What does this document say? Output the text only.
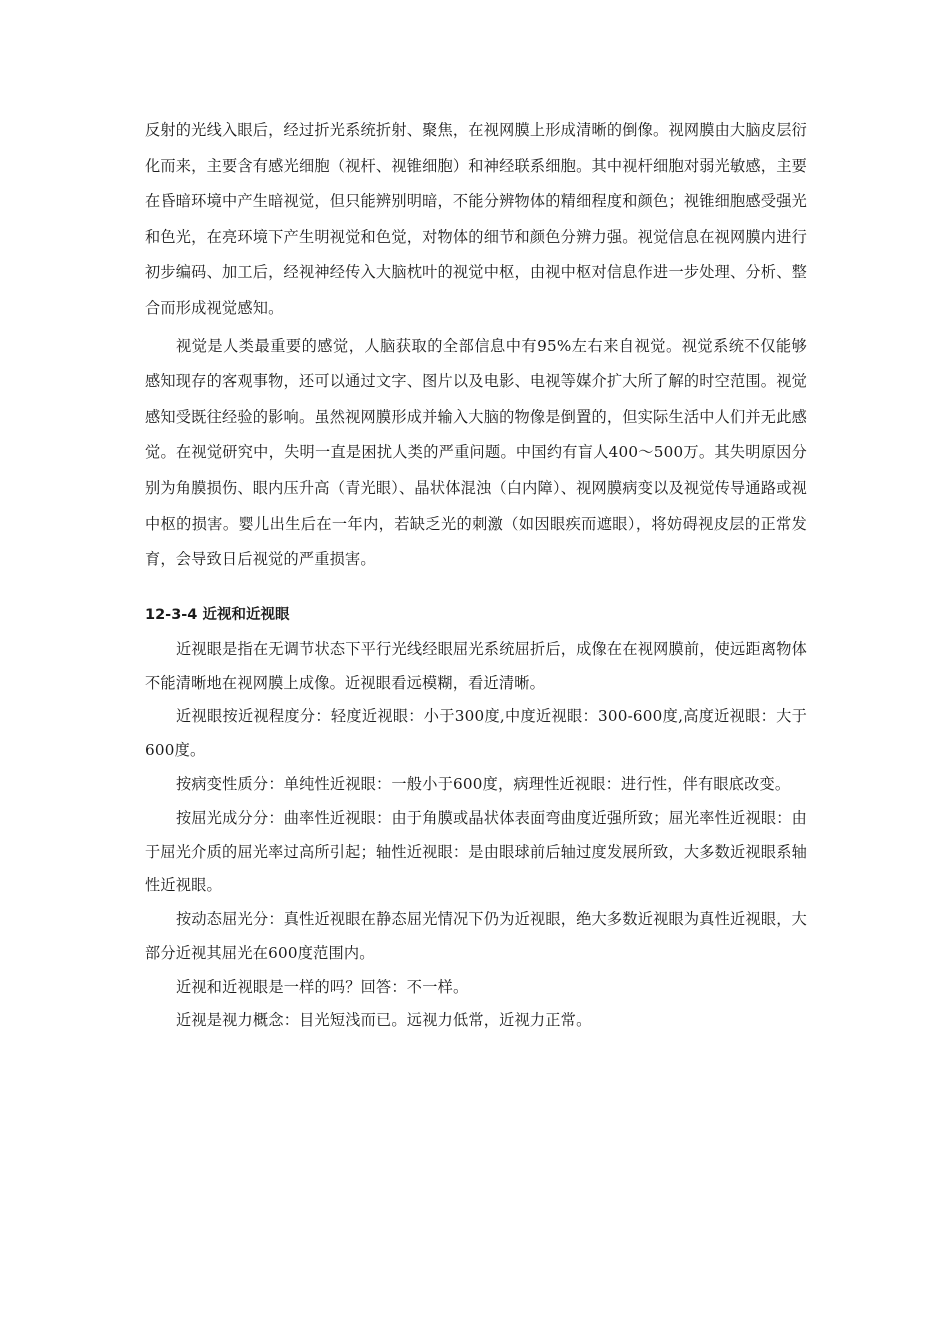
反射的光线入眼后，经过折光系统折射、聚焦，在视网膜上形成清晰的倒像。视网膜由大脑皮层衍化而来，主要含有感光细胞（视杆、视锥细胞）和神经联系细胞。其中视杆细胞对弱光敏感，主要在昏暗环境中产生暗视觉，但只能辨别明暗，不能分辨物体的精细程度和颜色；视锥细胞感受强光和色光，在亮环境下产生明视觉和色觉，对物体的细节和颜色分辨力强。视觉信息在视网膜内进行初步编码、加工后，经视神经传入大脑枕叶的视觉中枢，由视中枢对信息作进一步处理、分析、整合而形成视觉感知。

视觉是人类最重要的感觉，人脑获取的全部信息中有95%左右来自视觉。视觉系统不仅能够感知现存的客观事物，还可以通过文字、图片以及电影、电视等媒介扩大所了解的时空范围。视觉感知受既往经验的影响。虽然视网膜形成并输入大脑的物像是倒置的，但实际生活中人们并无此感觉。在视觉研究中，失明一直是困扰人类的严重问题。中国约有盲人400～500万。其失明原因分别为角膜损伤、眼内压升高（青光眼）、晶状体混浊（白内障）、视网膜病变以及视觉传导通路或视中枢的损害。婴儿出生后在一年内，若缺乏光的刺激（如因眼疾而遮眼），将妨碍视皮层的正常发育，会导致日后视觉的严重损害。

12-3-4 近视和近视眼

近视眼是指在无调节状态下平行光线经眼屈光系统屈折后，成像在在视网膜前，使远距离物体不能清晰地在视网膜上成像。近视眼看远模糊，看近清晰。

近视眼按近视程度分：轻度近视眼：小于300度,中度近视眼：300-600度,高度近视眼：大于600度。

按病变性质分：单纯性近视眼：一般小于600度，病理性近视眼：进行性，伴有眼底改变。

按屈光成分分：曲率性近视眼：由于角膜或晶状体表面弯曲度近强所致；屈光率性近视眼：由于屈光介质的屈光率过高所引起；轴性近视眼：是由眼球前后轴过度发展所致，大多数近视眼系轴性近视眼。

按动态屈光分：真性近视眼在静态屈光情况下仍为近视眼，绝大多数近视眼为真性近视眼，大部分近视其屈光在600度范围内。

近视和近视眼是一样的吗？回答：不一样。

近视是视力概念：目光短浅而已。远视力低常，近视力正常。
